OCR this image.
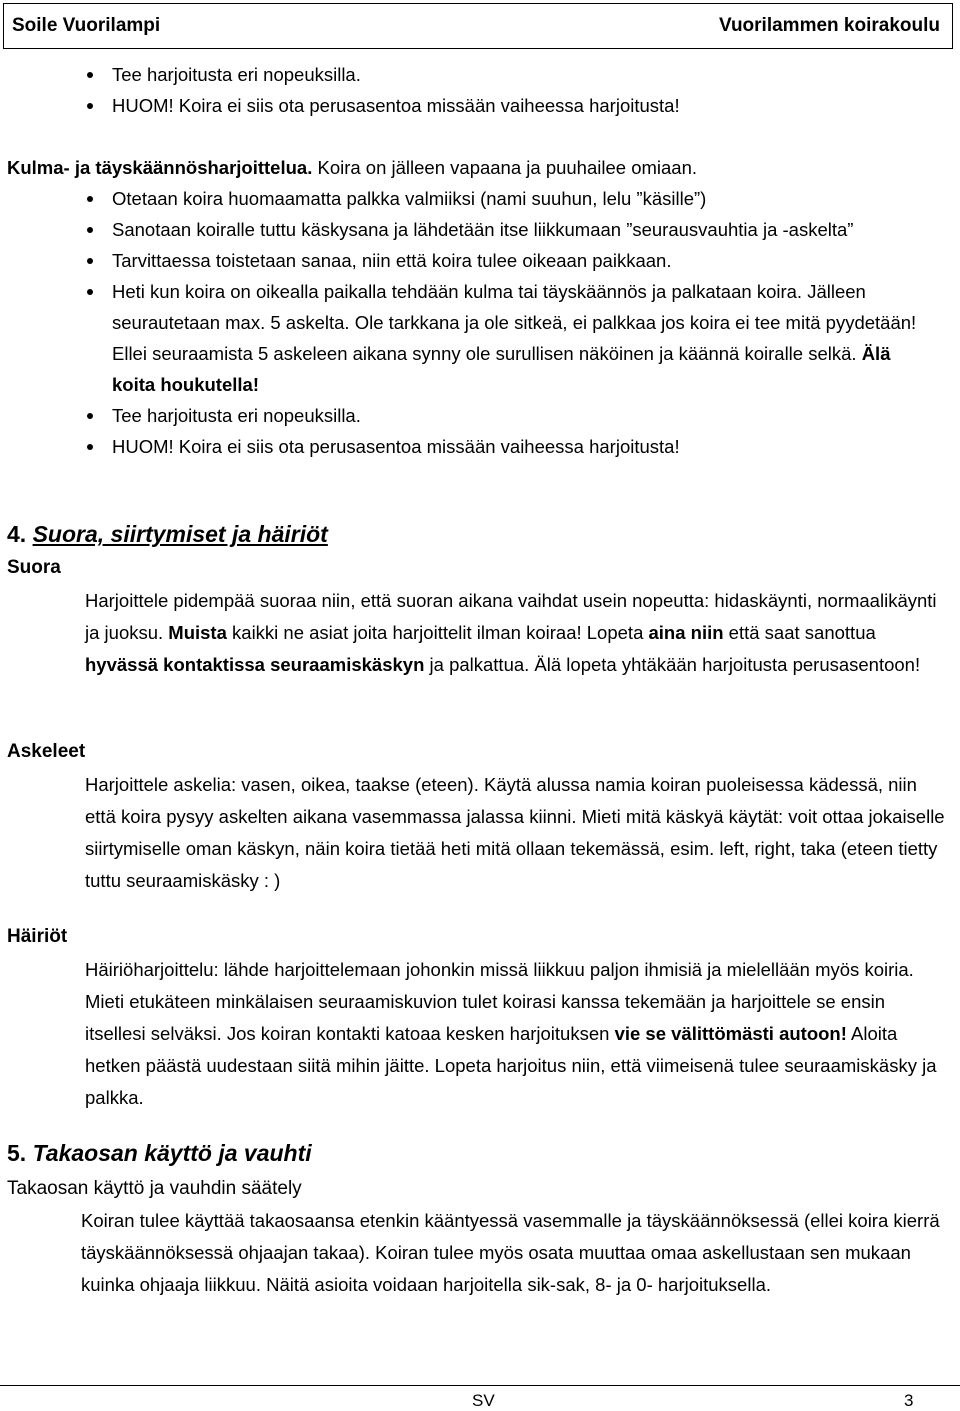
Soile Vuorilampi	Vuorilammen koirakoulu
Tee harjoitusta eri nopeuksilla.
HUOM! Koira ei siis ota perusasentoa missään vaiheessa harjoitusta!
Kulma- ja täyskäännösharjoittelua. Koira on jälleen vapaana ja puuhailee omiaan.
Otetaan koira huomaamatta palkka valmiiksi (nami suuhun, lelu ”käsille”)
Sanotaan koiralle tuttu käskysana ja lähdetään itse liikkumaan ”seurausvauhtia ja -askelta”
Tarvittaessa toistetaan sanaa, niin että koira tulee oikeaan paikkaan.
Heti kun koira on oikealla paikalla tehdään kulma tai täyskäännös ja palkataan koira. Jälleen seurautetaan max. 5 askelta. Ole tarkkana ja ole sitkeä, ei palkkaa jos koira ei tee mitä pyydetään! Ellei seuraamista 5 askeleen aikana synny ole surullisen näköinen ja käännä koiralle selkä. Älä koita houkutella!
Tee harjoitusta eri nopeuksilla.
HUOM! Koira ei siis ota perusasentoa missään vaiheessa harjoitusta!
4. Suora, siirtymiset ja häiriöt
Suora

Harjoittele pidempää suoraa niin, että suoran aikana vaihdat usein nopeutta: hidaskäynti, normaalikäynti ja juoksu. Muista kaikki ne asiat joita harjoittelit ilman koiraa! Lopeta aina niin että saat sanottua hyvässä kontaktissa seuraamiskäskyn ja palkattua. Älä lopeta yhtäkään harjoitusta perusasentoon!

Askeleet

Harjoittele askelia: vasen, oikea, taakse (eteen). Käytä alussa namia koiran puoleisessa kädessä, niin että koira pysyy askelten aikana vasemmassa jalassa kiinni. Mieti mitä käskyä käytät: voit ottaa jokaiselle siirtymiselle oman käskyn, näin koira tietää heti mitä ollaan tekemässä, esim. left, right, taka (eteen tietty tuttu seuraamiskäsky : )

Häiriöt

Häiriöharjoittelu: lähde harjoittelemaan johonkin missä liikkuu paljon ihmisiä ja mielellään myös koiria. Mieti etukäteen minkälaisen seuraamiskuvion tulet koirasi kanssa tekemään ja harjoittele se ensin itsellesi selväksi. Jos koiran kontakti katoaa kesken harjoituksen vie se välittömästi autoon! Aloita hetken päästä uudestaan siitä mihin jäitte. Lopeta harjoitus niin, että viimeisenä tulee seuraamiskäsky ja palkka.

5. Takaosan käyttö ja vauhti
Takaosan käyttö ja vauhdin säätely

Koiran tulee käyttää takaosaansa etenkin kääntyessä vasemmalle ja täyskäännöksessä (ellei koira kierrä täyskäännöksessä ohjaajan takaa). Koiran tulee myös osata muuttaa omaa askellustaan sen mukaan kuinka ohjaaja liikkuu. Näitä asioita voidaan harjoitella sik-sak, 8- ja 0- harjoituksella.

SV	3
